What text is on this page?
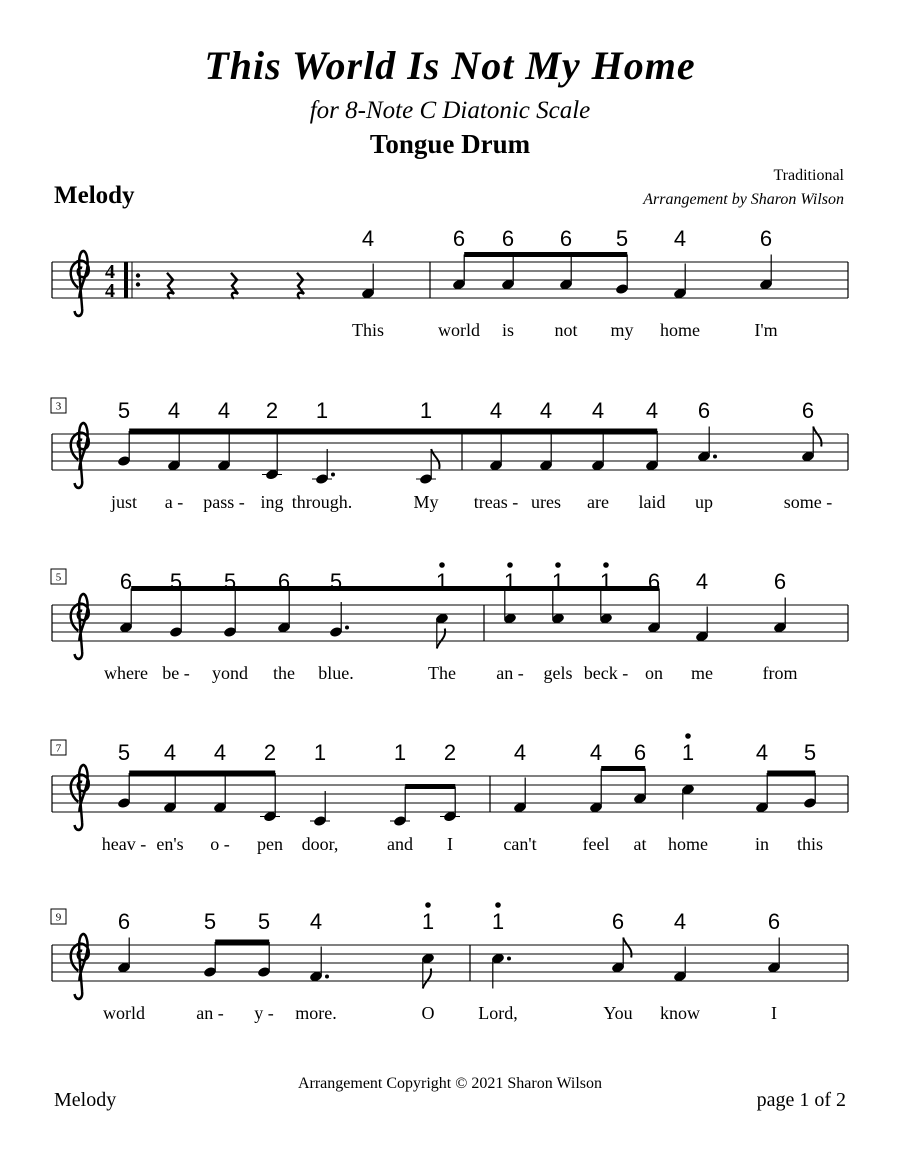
This World Is Not My Home
for 8-Note C Diatonic Scale
Tongue Drum
Traditional
Arrangement by Sharon Wilson
Melody
4
4
4
This
6
world
6
is
6
not
5
my
4
home
6
I'm
3	5
just
4
a -
4
pass -
2
ing
1
through.
1
My
4
treas -
4
ures
4
are
4
laid
6
up
6
some -
5	6
where
5
be -
5
yond
6
the
5
blue.
1
The
1
an -
1
gels
1
beck -
6
on
4
me
6
from
7	5
heav -
4
en's
4
o -
2
pen
1
door,
1
and
2
I
4
can't
4
feel
6
at
1
home
4
in
5
this
9	6
world
5
an -
5
y -
4
more.
1
O
1
Lord,
6
You
4
know
6
I
Melody
Arrangement Copyright © 2021 Sharon Wilson
page 1 of 2
